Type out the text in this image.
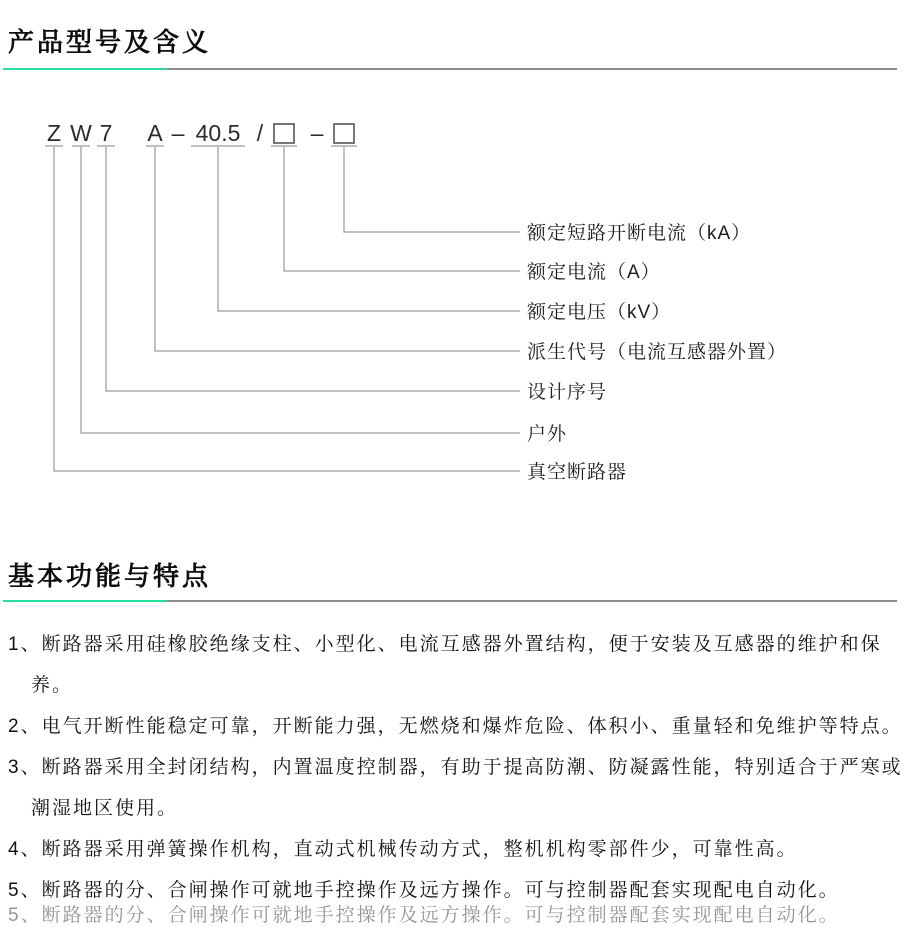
产品型号及含义
Z W 7 A – 40.5 / –
额定短路开断电流（kA）
额定电流（A）
额定电压（kV）
派生代号（电流互感器外置）
设计序号
户外
真空断路器
基本功能与特点
1、断路器采用硅橡胶绝缘支柱、小型化、电流互感器外置结构，便于安装及互感器的维护和保
养。
2、电气开断性能稳定可靠，开断能力强，无燃烧和爆炸危险、体积小、重量轻和免维护等特点。
3、断路器采用全封闭结构，内置温度控制器，有助于提高防潮、防凝露性能，特别适合于严寒或
潮湿地区使用。
4、断路器采用弹簧操作机构，直动式机械传动方式，整机机构零部件少，可靠性高。
5、断路器的分、合闸操作可就地手控操作及远方操作。可与控制器配套实现配电自动化。
5、断路器的分、合闸操作可就地手控操作及远方操作。可与控制器配套实现配电自动化。
